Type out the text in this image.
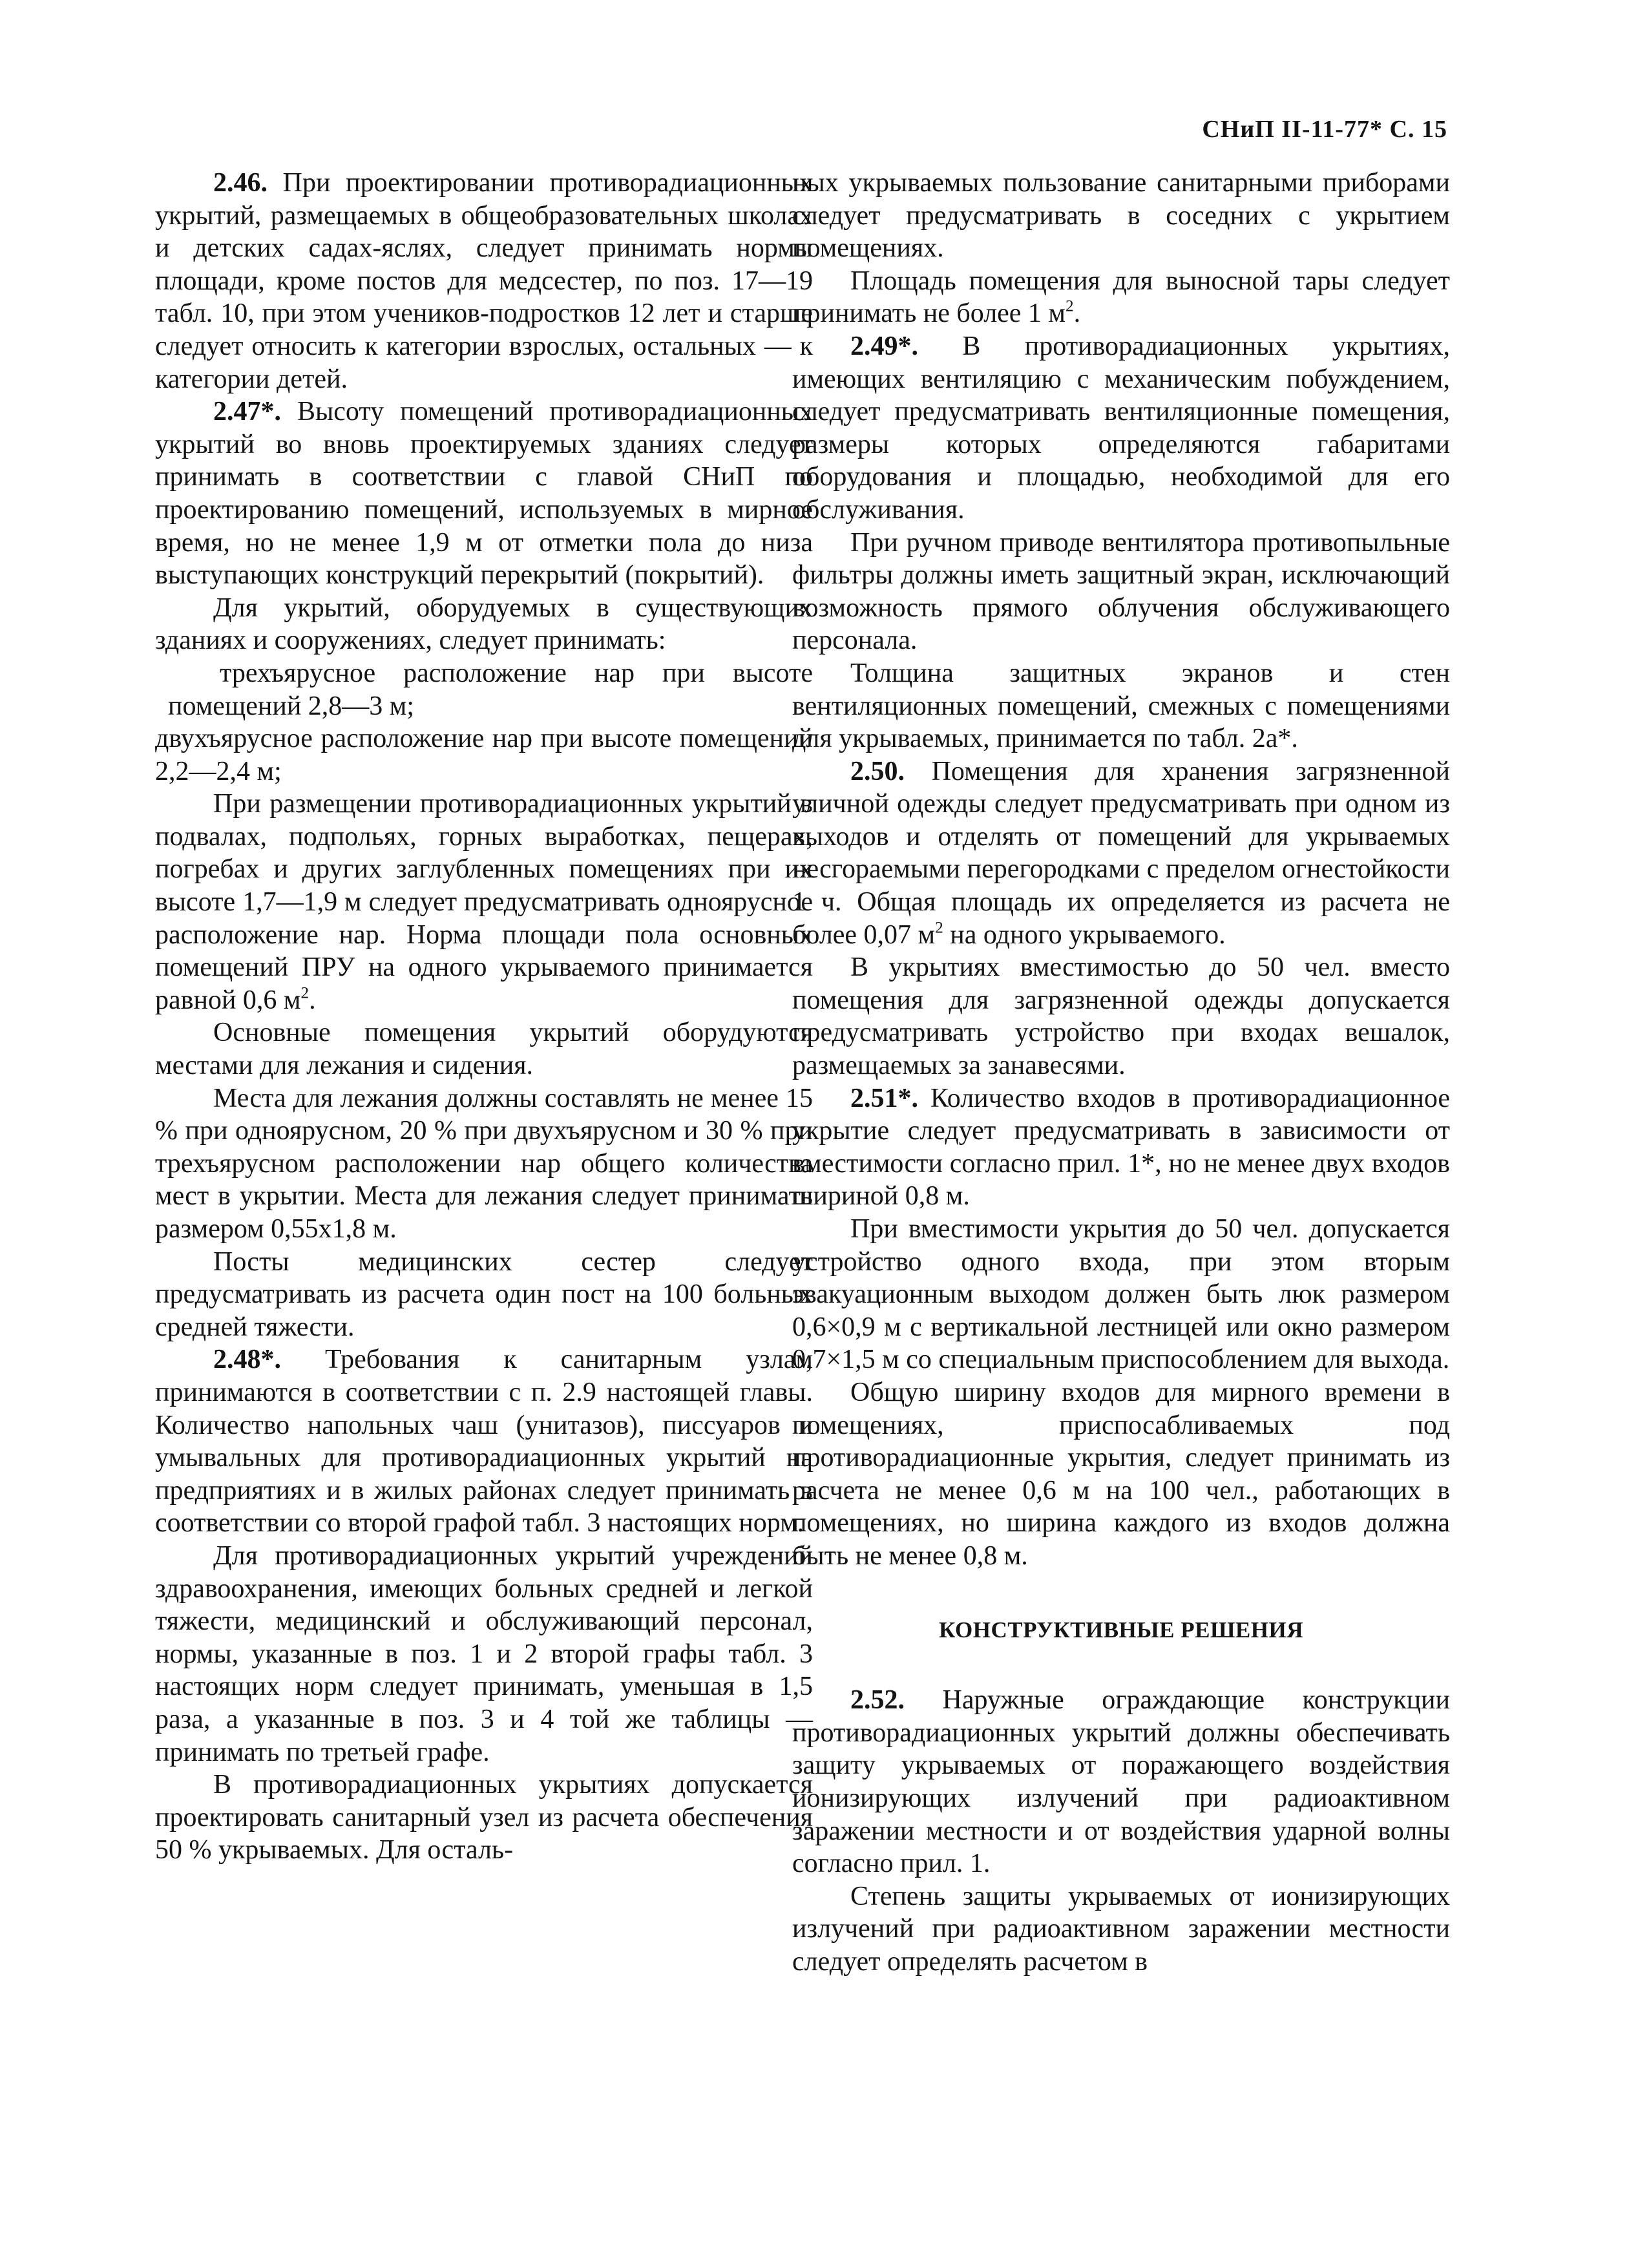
СНиП II-11-77* С. 15

2.46. При проектировании противорадиационных укрытий, размещаемых в общеобразовательных школах и детских садах-яслях, следует принимать нормы площади, кроме постов для медсестер, по поз. 17—19 табл. 10, при этом учеников-подростков 12 лет и старше следует относить к категории взрослых, остальных — к категории детей.

2.47*. Высоту помещений противорадиационных укрытий во вновь проектируемых зданиях следует принимать в соответствии с главой СНиП по проектированию помещений, используемых в мирное время, но не менее 1,9 м от отметки пола до низа выступающих конструкций перекрытий (покрытий).

Для укрытий, оборудуемых в существующих зданиях и сооружениях, следует принимать:

трехъярусное расположение нар при высоте помещений 2,8—3 м;

двухъярусное расположение нар при высоте помещений 2,2—2,4 м;

При размещении противорадиационных укрытий в подвалах, подпольях, горных выработках, пещерах, погребах и других заглубленных помещениях при их высоте 1,7—1,9 м следует предусматривать одноярусное расположение нар. Норма площади пола основных помещений ПРУ на одного укрываемого принимается равной 0,6 $м^2$.

Основные помещения укрытий оборудуются местами для лежания и сидения.

Места для лежания должны составлять не менее 15 % при одноярусном, 20 % при двухъярусном и 30 % при трехъярусном расположении нар общего количества мест в укрытии. Места для лежания следует принимать размером 0,55х1,8 м.

Посты медицинских сестер следует предусматривать из расчета один пост на 100 больных средней тяжести.

2.48*. Требования к санитарным узлам принимаются в соответствии с п. 2.9 настоящей главы. Количество напольных чаш (унитазов), писсуаров и умывальных для противорадиационных укрытий на предприятиях и в жилых районах следует принимать в соответствии со второй графой табл. 3 настоящих норм.

Для противорадиационных укрытий учреждений здравоохранения, имеющих больных средней и легкой тяжести, медицинский и обслуживающий персонал, нормы, указанные в поз. 1 и 2 второй графы табл. 3 настоящих норм следует принимать, уменьшая в 1,5 раза, а указанные в поз. 3 и 4 той же таблицы — принимать по третьей графе.

В противорадиационных укрытиях допускается проектировать санитарный узел из расчета обеспечения 50 % укрываемых. Для осталь-

ных укрываемых пользование санитарными приборами следует предусматривать в соседних с укрытием помещениях.

Площадь помещения для выносной тары следует принимать не более 1 $м^2$.

2.49*. В противорадиационных укрытиях, имеющих вентиляцию с механическим побуждением, следует предусматривать вентиляционные помещения, размеры которых определяются габаритами оборудования и площадью, необходимой для его обслуживания.

При ручном приводе вентилятора противопыльные фильтры должны иметь защитный экран, исключающий возможность прямого облучения обслуживающего персонала.

Толщина защитных экранов и стен вентиляционных помещений, смежных с помещениями для укрываемых, принимается по табл. 2а*.

2.50. Помещения для хранения загрязненной уличной одежды следует предусматривать при одном из выходов и отделять от помещений для укрываемых несгораемыми перегородками с пределом огнестойкости 1 ч. Общая площадь их определяется из расчета не более 0,07 $м^2$ на одного укрываемого.

В укрытиях вместимостью до 50 чел. вместо помещения для загрязненной одежды допускается предусматривать устройство при входах вешалок, размещаемых за занавесями.

2.51*. Количество входов в противорадиационное укрытие следует предусматривать в зависимости от вместимости согласно прил. 1*, но не менее двух входов шириной 0,8 м.

При вместимости укрытия до 50 чел. допускается устройство одного входа, при этом вторым эвакуационным выходом должен быть люк размером 0,6×0,9 м с вертикальной лестницей или окно размером 0,7×1,5 м со специальным приспособлением для выхода.

Общую ширину входов для мирного времени в помещениях, приспосабливаемых под противорадиационные укрытия, следует принимать из расчета не менее 0,6 м на 100 чел., работающих в помещениях, но ширина каждого из входов должна быть не менее 0,8 м.

КОНСТРУКТИВНЫЕ РЕШЕНИЯ

2.52. Наружные ограждающие конструкции противорадиационных укрытий должны обеспечивать защиту укрываемых от поражающего воздействия ионизирующих излучений при радиоактивном заражении местности и от воздействия ударной волны согласно прил. 1.

Степень защиты укрываемых от ионизирующих излучений при радиоактивном заражении местности следует определять расчетом в
